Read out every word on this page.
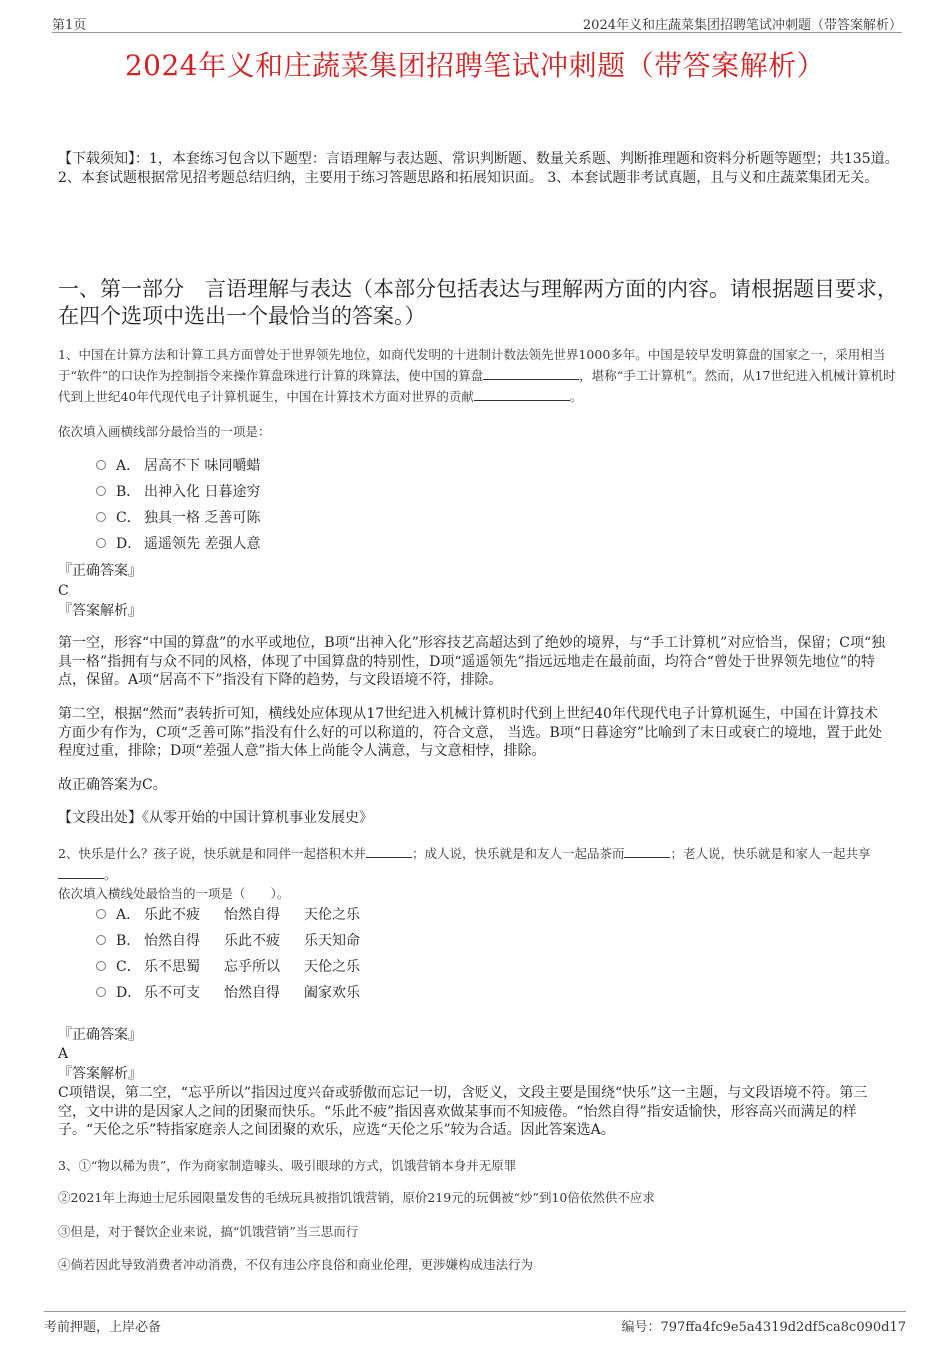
第1页	2024年义和庄蔬菜集团招聘笔试冲刺题（带答案解析）
2024年义和庄蔬菜集团招聘笔试冲刺题（带答案解析）
【下载须知】：1，本套练习包含以下题型：言语理解与表达题、常识判断题、数量关系题、判断推理题和资料分析题等题型；共135道。 2、本套试题根据常见招考题总结归纳，主要用于练习答题思路和拓展知识面。 3、本套试题非考试真题，且与义和庄蔬菜集团无关。
一、第一部分　 言语理解与表达（本部分包括表达与理解两方面的内容。请根据题目要求，在四个选项中选出一个最恰当的答案。）
1、中国在计算方法和计算工具方面曾处于世界领先地位，如商代发明的十进制计数法领先世界1000多年。中国是较早发明算盘的国家之一，采用相当于“软件”的口诀作为控制指令来操作算盘珠进行计算的珠算法，使中国的算盘	，堪称“手工计算机”。然而，从17世纪进入机械计算机时代到上世纪40年代现代电子计算机诞生，中国在计算技术方面对世界的贡献	。
依次填入画横线部分最恰当的一项是：
A． 居高不下 味同嚼蜡
B． 出神入化 日暮途穷
C． 独具一格 乏善可陈
D． 遥遥领先 差强人意
『正确答案』
C
『答案解析』
第一空，形容“中国的算盘”的水平或地位，B项“出神入化”形容技艺高超达到了绝妙的境界，与“手工计算机”对应恰当，保留；C项“独具一格”指拥有与众不同的风格，体现了中国算盘的特别性，D项“遥遥领先”指远远地走在最前面，均符合“曾处于世界领先地位”的特点，保留。A项“居高不下”指没有下降的趋势，与文段语境不符，排除。
第二空，根据“然而”表转折可知，横线处应体现从17世纪进入机械计算机时代到上世纪40年代现代电子计算机诞生，中国在计算技术方面少有作为，C项“乏善可陈”指没有什么好的可以称道的，符合文意， 当选。B项“日暮途穷”比喻到了末日或衰亡的境地，置于此处程度过重，排除；D项“差强人意”指大体上尚能令人满意，与文意相悖，排除。
故正确答案为C。
【文段出处】《从零开始的中国计算机事业发展史》
2、快乐是什么？孩子说，快乐就是和同伴一起搭积木并	；成人说，快乐就是和友人一起品茶而	；老人说，快乐就是和家人一起共享。
依次填入横线处最恰当的一项是（　　）。
A． 乐此不疲 怡然自得 天伦之乐
B． 怡然自得 乐此不疲 乐天知命
C． 乐不思蜀 忘乎所以 天伦之乐
D． 乐不可支 怡然自得 阖家欢乐
『正确答案』
A
『答案解析』
C项错误，第二空，“忘乎所以”指因过度兴奋或骄傲而忘记一切，含贬义，文段主要是围绕“快乐”这一主题，与文段语境不符。第三空，文中讲的是因家人之间的团聚而快乐。“乐此不疲”指因喜欢做某事而不知疲倦。“怡然自得”指安适愉快，形容高兴而满足的样子。“天伦之乐”特指家庭亲人之间团聚的欢乐，应选“天伦之乐”较为合适。因此答案选A。
3、①“物以稀为贵”，作为商家制造噱头、吸引眼球的方式，饥饿营销本身并无原罪
②2021年上海迪士尼乐园限量发售的毛绒玩具被指饥饿营销，原价219元的玩偶被“炒”到10倍依然供不应求
③但是，对于餐饮企业来说，搞“饥饿营销”当三思而行
④倘若因此导致消费者冲动消费，不仅有违公序良俗和商业伦理，更涉嫌构成违法行为
考前押题，上岸必备	编号：797ffa4fc9e5a4319d2df5ca8c090d17
